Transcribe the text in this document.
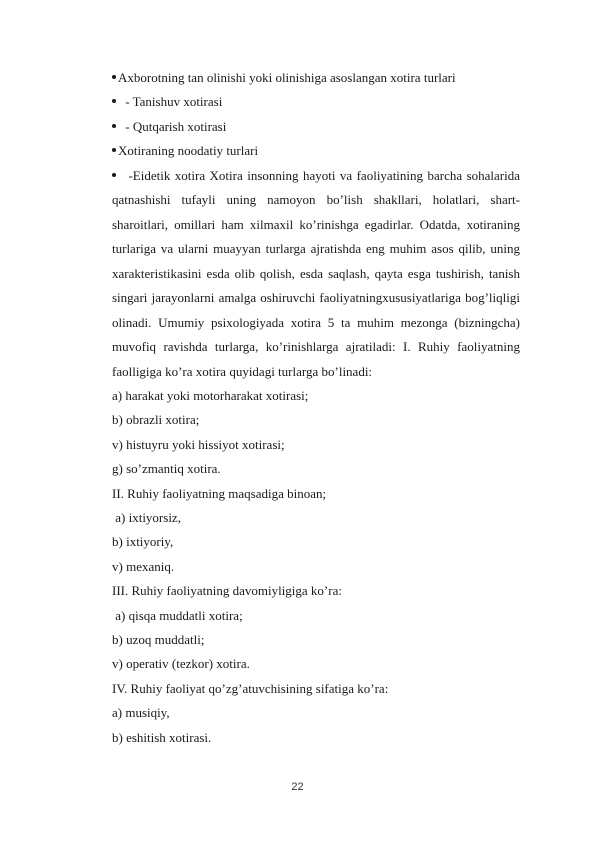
Axborotning tan olinishi yoki olinishiga asoslangan xotira turlari
- Tanishuv xotirasi
- Qutqarish xotirasi
Xotiraning noodatiy turlari

-Eidetik xotira Xotira insonning hayoti va faoliyatining barcha sohalarida qatnashishi tufayli uning namoyon bo’lish shakllari, holatlari, shart-sharoitlari, omillari ham xilmaxil ko’rinishga egadirlar. Odatda, xotiraning turlariga va ularni muayyan turlarga ajratishda eng muhim asos qilib, uning xarakteristikasini esda olib qolish, esda saqlash, qayta esga tushirish, tanish singari jarayonlarni amalga oshiruvchi faoliyatningxususiyatlariga bog’liqligi olinadi. Umumiy psixologiyada xotira 5 ta muhim mezonga (bizningcha) muvofiq ravishda turlarga, ko’rinishlarga ajratiladi: I. Ruhiy faoliyatning faolligiga ko’ra xotira quyidagi turlarga bo’linadi:

a) harakat yoki motorharakat xotirasi;
b) obrazli xotira;
v) histuyru yoki hissiyot xotirasi;
g) so’zmantiq xotira.
II. Ruhiy faoliyatning maqsadiga binoan;
a) ixtiyorsiz,
b) ixtiyoriy,
v) mexaniq.
III. Ruhiy faoliyatning davomiyligiga ko’ra:
a) qisqa muddatli xotira;
b) uzoq muddatli;
v) operativ (tezkor) xotira.
IV. Ruhiy faoliyat qo’zg’atuvchisining sifatiga ko’ra:
a) musiqiy,
b) eshitish xotirasi.
22
